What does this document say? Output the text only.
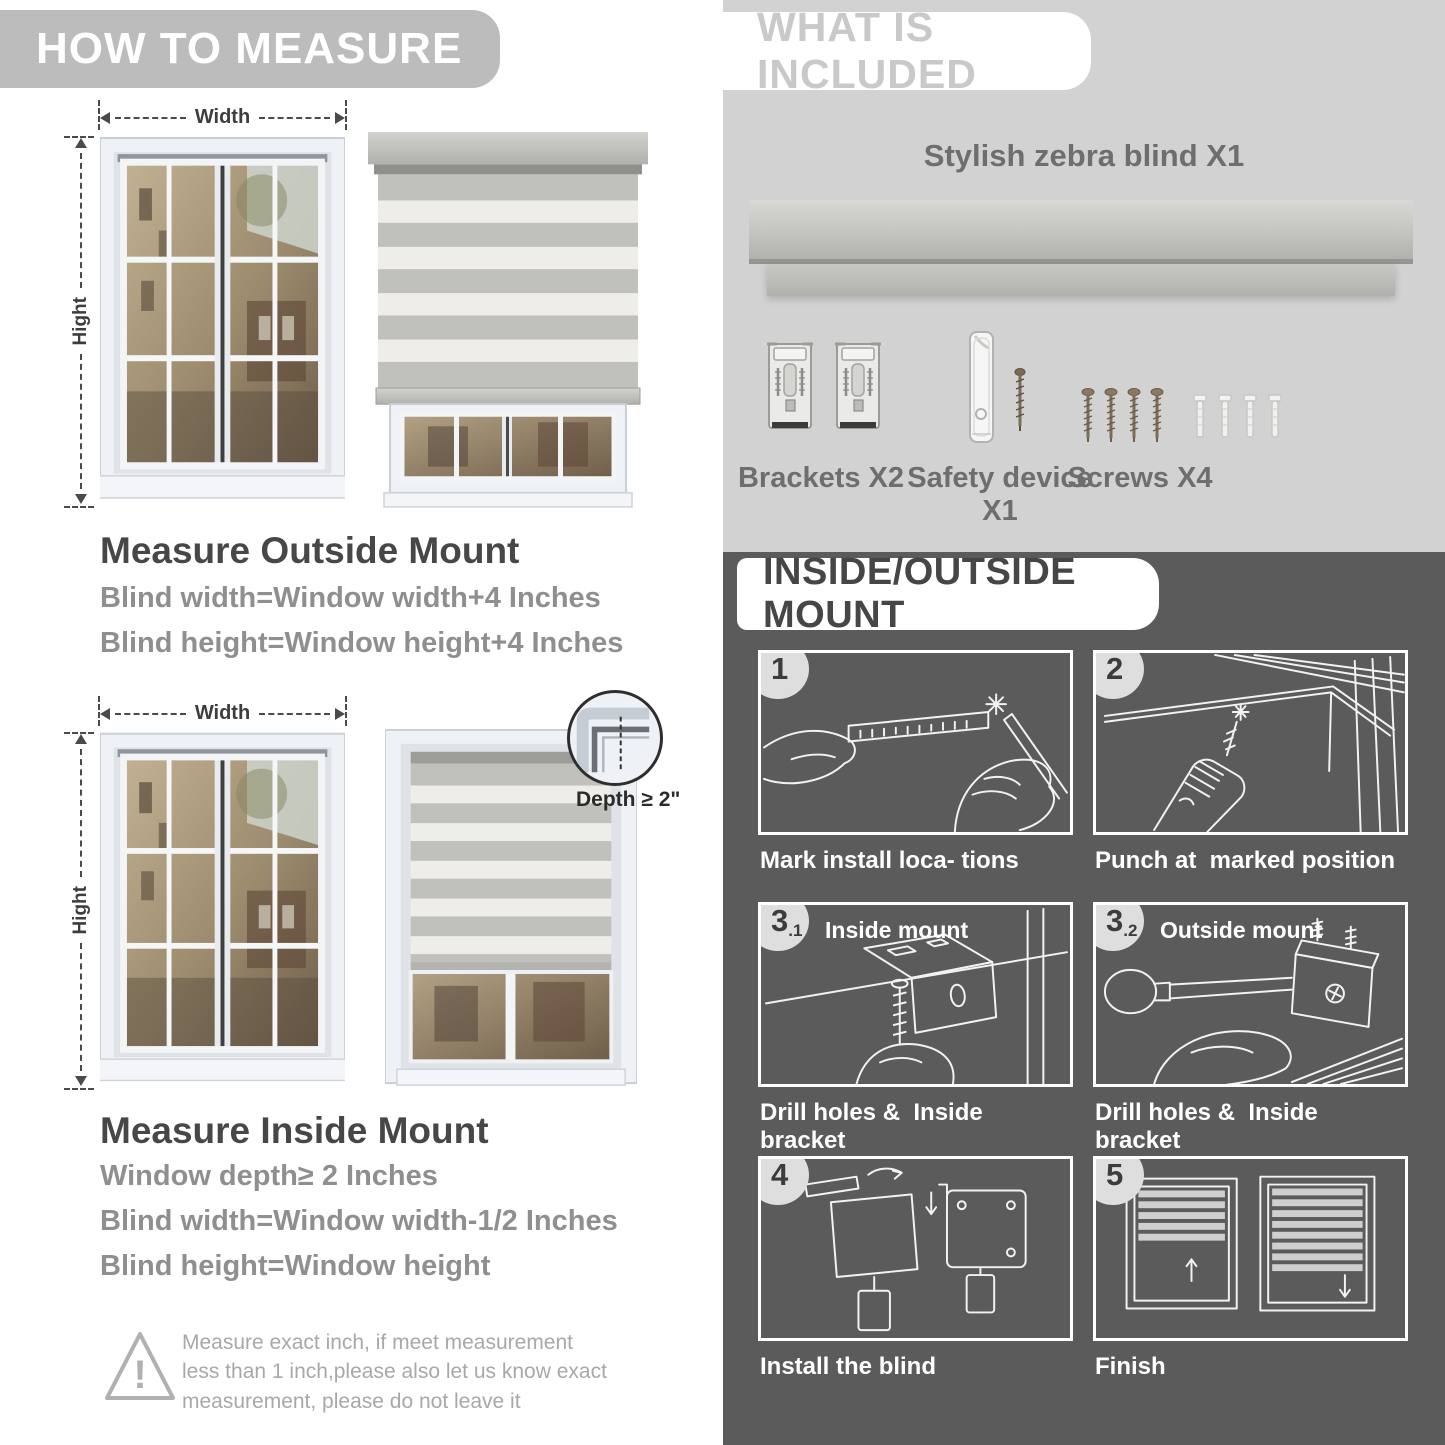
HOW TO MEASURE
Width
Hight
Measure Outside Mount
Blind width=Window width+4 Inches
Blind height=Window height+4 Inches
Width
Hight
Depth ≥ 2"
Measure Inside Mount
Window depth≥ 2 Inches
Blind width=Window width-1/2 Inches
Blind height=Window height
!
Measure exact inch, if meet measurement less than 1 inch,please also let us know exact measurement, please do not leave it
WHAT IS INCLUDED
Stylish zebra blind X1
Brackets X2 Safety device X1
Screws X4
INSIDE/OUTSIDE MOUNT
1
Mark install loca- tions
2
Punch at  marked position
3.1 Inside mount
Drill holes &  Inside bracket
3.2 Outside mount
Drill holes &  Inside bracket
4
Install the blind
5
Finish
